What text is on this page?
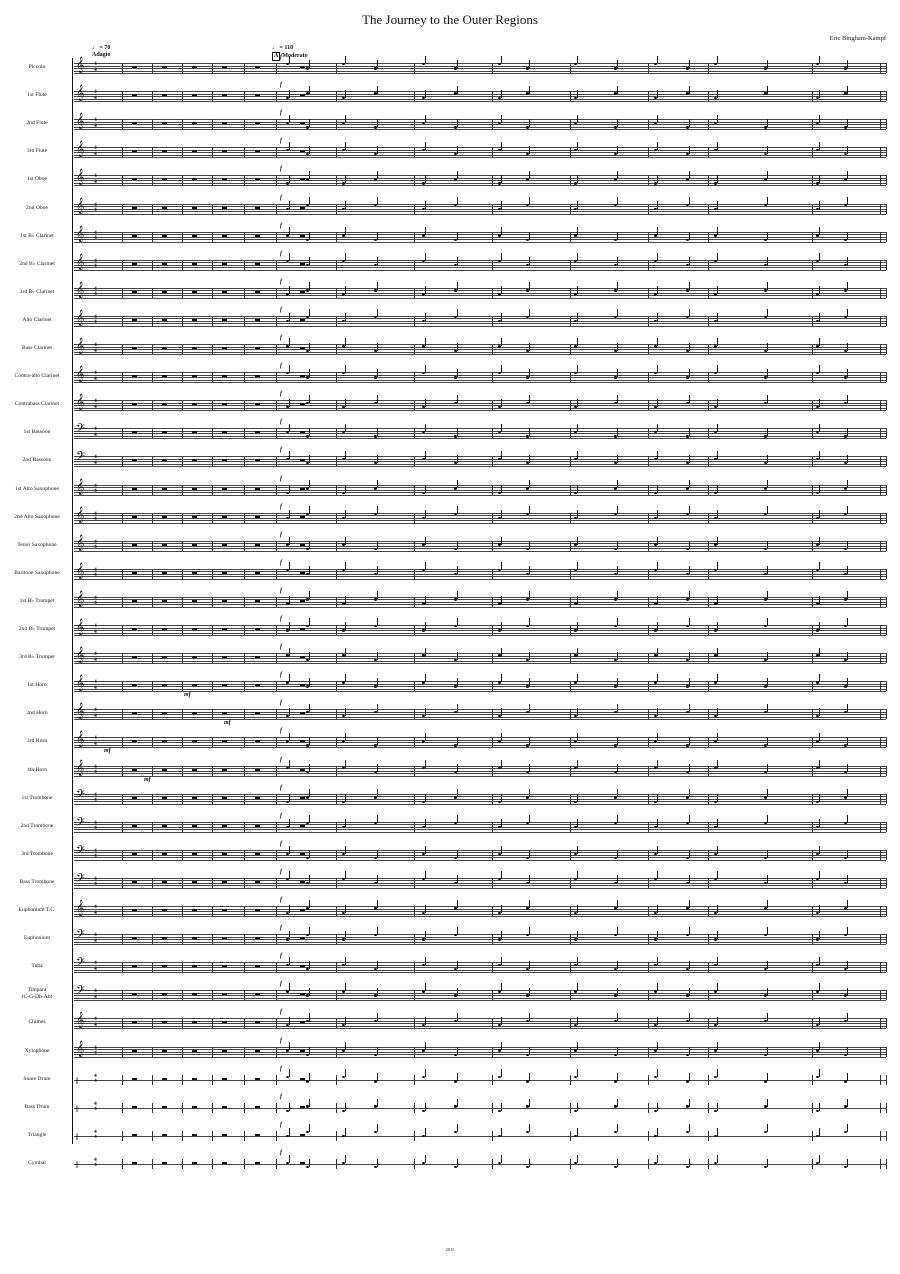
The Journey to the Outer Regions
Eric Bingham-Kampf
♩ = 70
Adagio
♩ = 110
A Moderato
Piccolo	𝄞 4
4
f
1st Flute	𝄞 4
4
f
2nd Flute	𝄞 4
4
f
3rd Flute	𝄞 4
4
f
1st Oboe	𝄞 4
4
f
2nd Oboe	𝄞 4
4
f
1st B♭ Clarinet	𝄞 4
4
f
2nd B♭ Clarinet	𝄞 4
4
f
3rd B♭ Clarinet	𝄞 4
4
f
Alto Clarinet	𝄞 4
4
f
Bass Clarinet	𝄞 4
4
f
Contra-alto Clarinet	𝄞 4
4
f
Contrabass Clarinet	𝄞 4
4
f
1st Bassoon	𝄢 4
4
f
2nd Bassoon	𝄢 4
4
f
1st Alto Saxophone	𝄞 4
4
f
2nd Alto Saxophone	𝄞 4
4
f
Tenor Saxophone	𝄞 4
4
f
Baritone Saxophone	𝄞 4
4
f
1st B♭ Trumpet	𝄞 4
4
f
2nd B♭ Trumpet	𝄞 4
4
f
3rd B♭ Trumpet	𝄞 4
4
f
1st Horn	𝄞 4
4
f
mf
2nd Horn	𝄞 4
4
f
mf
3rd Horn	𝄞 4
4
f
mf
4th Horn	𝄞 4
4
f
mf
1st Trombone	𝄢 4
4
f
2nd Trombone	𝄢 4
4
f
3rd Trombone	𝄢 4
4
f
Bass Trombone	𝄢 4
4
f
Euphonium T.C.	𝄞 4
4
f
Euphonium	𝄢 4
4
f
Tuba	𝄢 4
4
f
Timpani
(C-G-Db-Ab)	𝄢 4
4
f
Chimes	𝄞 4
4
f
Xylophone	𝄞 4
4
f
Snare Drum	‖	4
4
f
Bass Drum	‖	4
4
f
Triangle	‖	4
4
f
Cymbal	‖	4
4
f
2015
